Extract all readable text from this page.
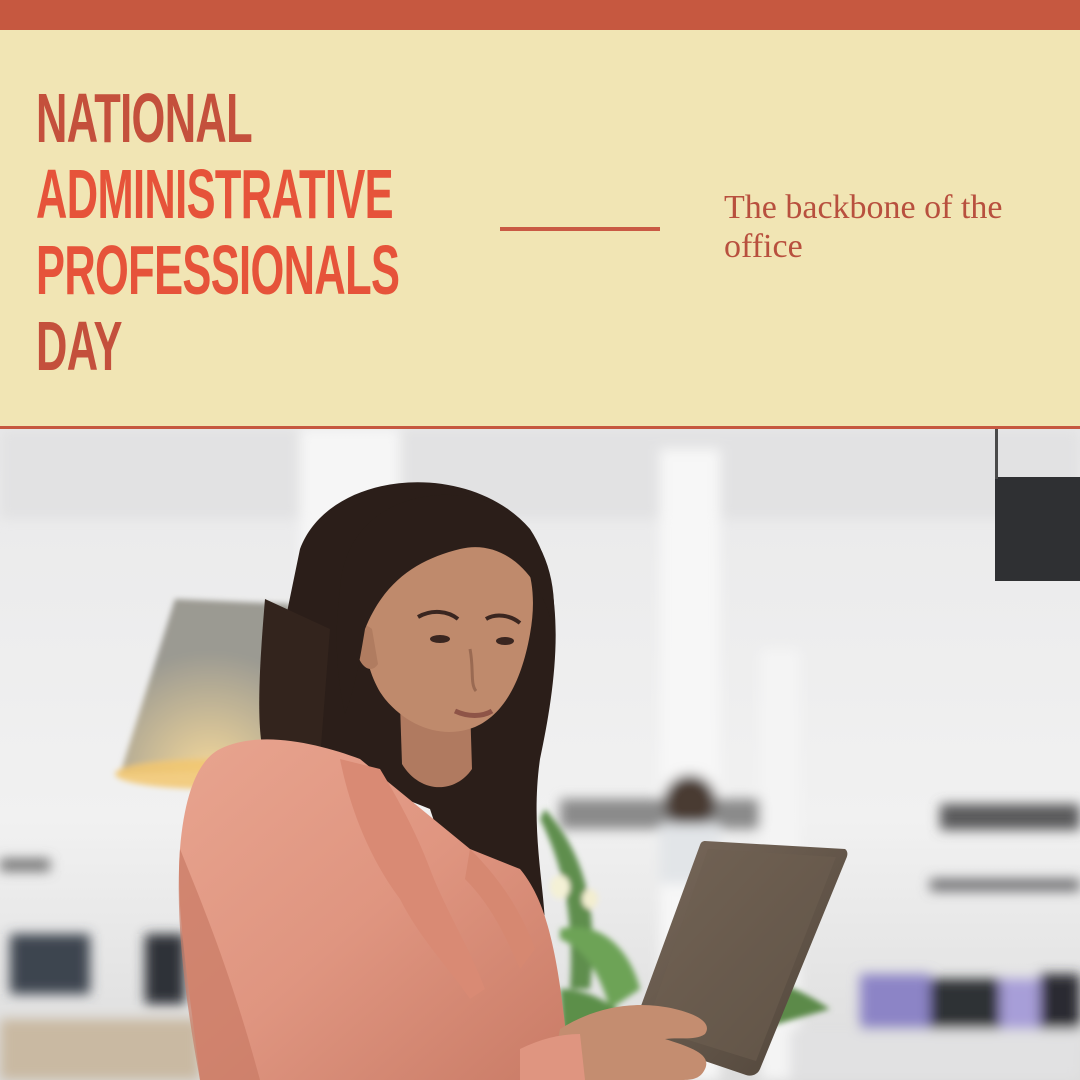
NATIONAL
ADMINISTRATIVE
PROFESSIONALS
DAY

The backbone of the office
